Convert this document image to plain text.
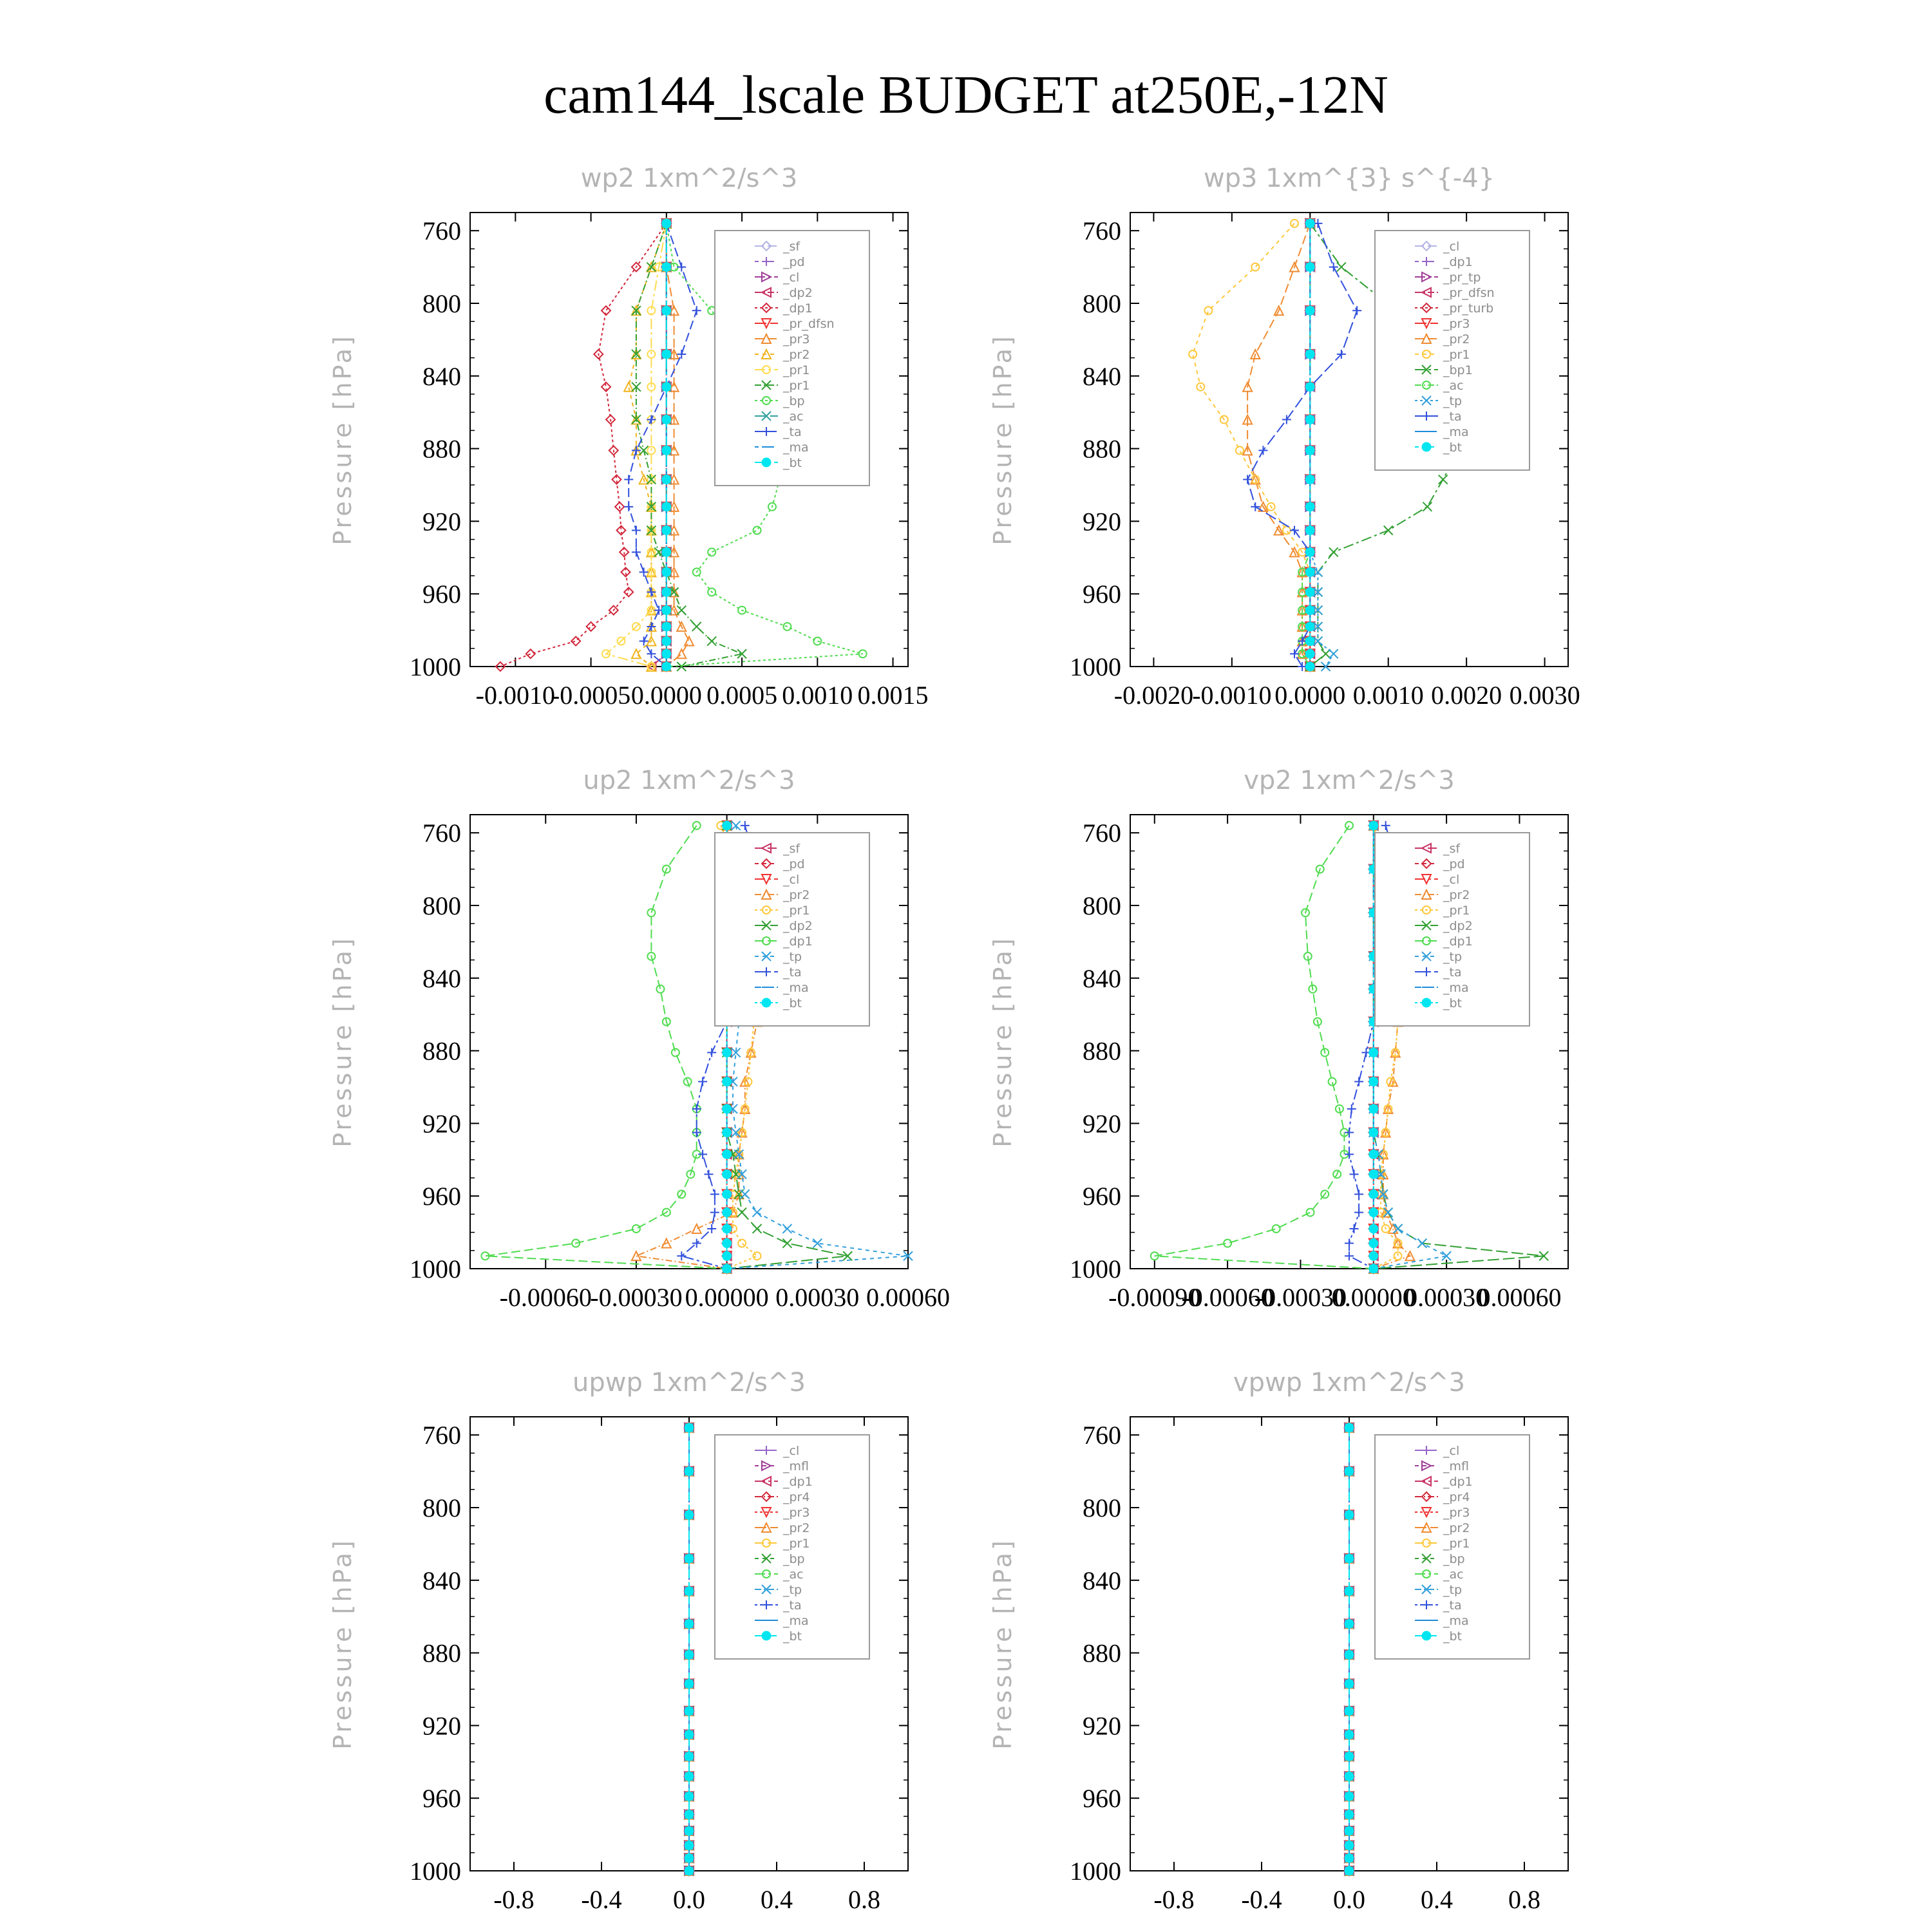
cam144_lscale BUDGET at250E,-12N
wp2 1xm^2/s^3
Pressure [hPa]
760
800
840
880
920
960
1000
-0.0010
-0.0005 0.0000 0.0005 0.0010 0.0015
_sf
_pd
_cl
_dp2
_dp1
_pr_dfsn
_pr3
_pr2
_pr1
_pr1
_bp
_ac
_ta
_ma
_bt
wp3 1xm^{3} s^{-4}
Pressure [hPa]
760
800
840
880
920
960
1000
-0.0020
-0.0010 0.0000 0.0010 0.0020 0.0030
_cl
_dp1
_pr_tp
_pr_dfsn
_pr_turb
_pr3
_pr2
_pr1
_bp1
_ac
_tp
_ta
_ma
_bt
up2 1xm^2/s^3
Pressure [hPa]
760
800
840
880
920
960
1000
-0.00060
-0.00030 0.00000 0.00030 0.00060
_sf
_pd
_cl
_pr2
_pr1
_dp2
_dp1
_tp
_ta
_ma
_bt
vp2 1xm^2/s^3
Pressure [hPa]
760
800
840
880
920
960
1000
-0.00090
-0.00060
-0.00030
0.00000
0.00030
0.00060
_sf
_pd
_cl
_pr2
_pr1
_dp2
_dp1
_tp
_ta
_ma
_bt
upwp 1xm^2/s^3
Pressure [hPa]
760
800
840
880
920
960
1000
-0.8 -0.4 0.0 0.4 0.8
_cl
_mfl
_dp1
_pr4
_pr3
_pr2
_pr1
_bp
_ac
_tp
_ta
_ma
_bt
vpwp 1xm^2/s^3
Pressure [hPa]
760
800
840
880
920
960
1000
-0.8 -0.4 0.0 0.4 0.8
_cl
_mfl
_dp1
_pr4
_pr3
_pr2
_pr1
_bp
_ac
_tp
_ta
_ma
_bt
